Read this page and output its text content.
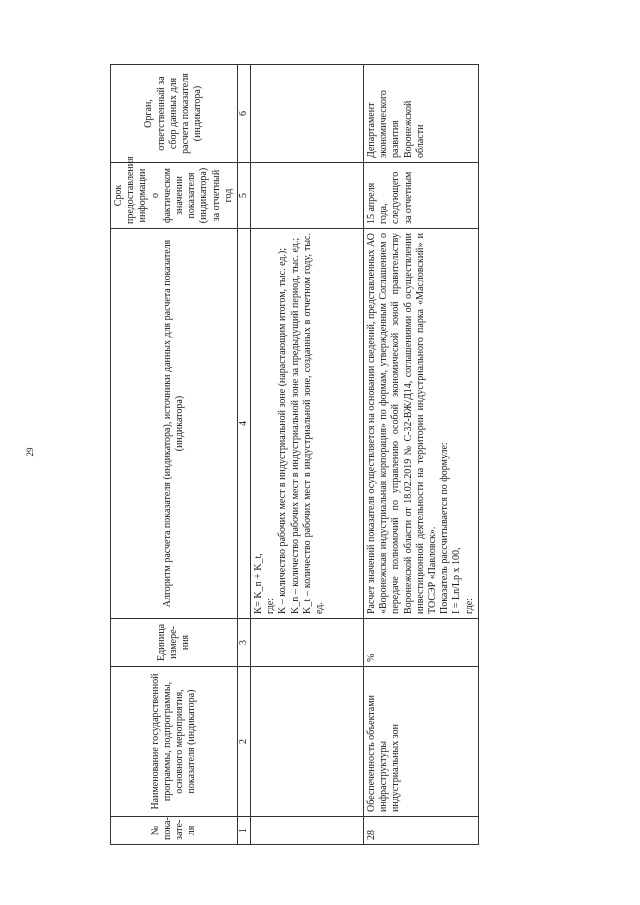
29
№ пока-зате-ля	Наименование государственной программы, подпрограммы, основного мероприятия, показателя (индикатора)	Единица измере-ния	Алгоритм расчета показателя (индикатора), источники данных для расчета показателя (индикатора)	Срок предоставления информации о фактическом значении показателя (индикатора) за отчетный год	Орган, ответственный за сбор данных для расчета показателя (индикатора)
1	2	3	4	5	6

			K= K_n + K_t, где: K – количество рабочих мест в индустриальной зоне (нарастающим итогом, тыс. ед.); K_n – количество рабочих мест в индустриальной зоне за предыдущий период, тыс. ед.; K_t – количество рабочих мест в индустриальной зоне, созданных в отчетном году, тыс. ед.		

28	Обеспеченность объектами инфраструктуры индустриальных зон	%	Расчет значений показателя осуществляется на основании сведений, представленных АО «Воронежская индустриальная корпорация» по формам, утвержденным Соглашением о передаче полномочий по управлению особой экономической зоной правительству Воронежской области от 18.02.2019 № С-32-ВЖ/Д14, соглашениями об осуществлении инвестиционной деятельности на территории индустриального парка «Масловский» и ТОСЭР «Павловск». Показатель рассчитывается по формуле: I = Ln/Lp x 100, где:	15 апреля года, следующего за отчетным	Департамент экономического развития Воронежской области
